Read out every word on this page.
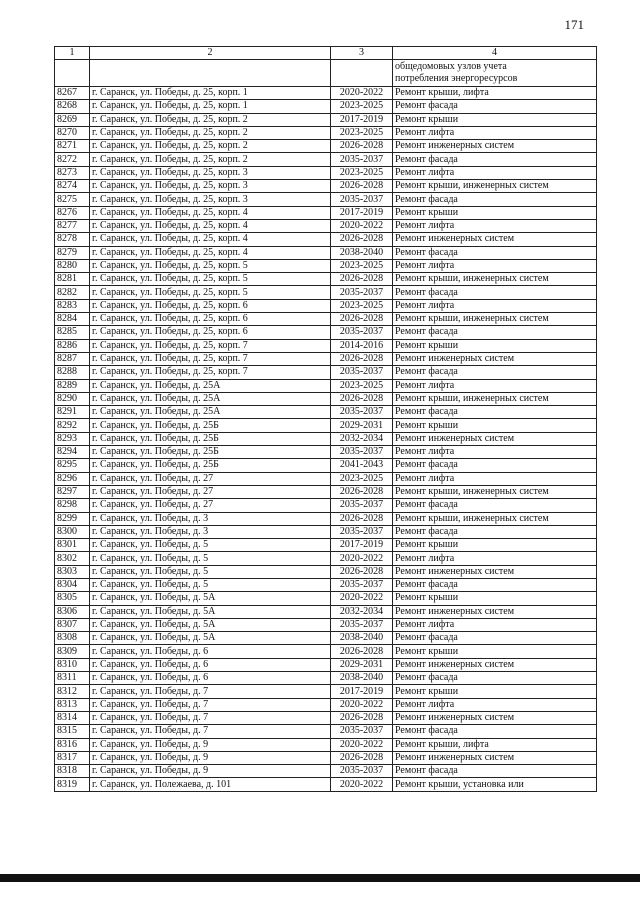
171
1	2	3	4

			общедомовых узлов учета
потребления энергоресурсов

8267	г. Саранск, ул. Победы, д. 25, корп. 1	2020-2022	Ремонт крыши, лифта
8268	г. Саранск, ул. Победы, д. 25, корп. 1	2023-2025	Ремонт фасада
8269	г. Саранск, ул. Победы, д. 25, корп. 2	2017-2019	Ремонт крыши
8270	г. Саранск, ул. Победы, д. 25, корп. 2	2023-2025	Ремонт лифта
8271	г. Саранск, ул. Победы, д. 25, корп. 2	2026-2028	Ремонт инженерных систем
8272	г. Саранск, ул. Победы, д. 25, корп. 2	2035-2037	Ремонт фасада
8273	г. Саранск, ул. Победы, д. 25, корп. 3	2023-2025	Ремонт лифта
8274	г. Саранск, ул. Победы, д. 25, корп. 3	2026-2028	Ремонт крыши, инженерных систем
8275	г. Саранск, ул. Победы, д. 25, корп. 3	2035-2037	Ремонт фасада
8276	г. Саранск, ул. Победы, д. 25, корп. 4	2017-2019	Ремонт крыши
8277	г. Саранск, ул. Победы, д. 25, корп. 4	2020-2022	Ремонт лифта
8278	г. Саранск, ул. Победы, д. 25, корп. 4	2026-2028	Ремонт инженерных систем
8279	г. Саранск, ул. Победы, д. 25, корп. 4	2038-2040	Ремонт фасада
8280	г. Саранск, ул. Победы, д. 25, корп. 5	2023-2025	Ремонт лифта
8281	г. Саранск, ул. Победы, д. 25, корп. 5	2026-2028	Ремонт крыши, инженерных систем
8282	г. Саранск, ул. Победы, д. 25, корп. 5	2035-2037	Ремонт фасада
8283	г. Саранск, ул. Победы, д. 25, корп. 6	2023-2025	Ремонт лифта
8284	г. Саранск, ул. Победы, д. 25, корп. 6	2026-2028	Ремонт крыши, инженерных систем
8285	г. Саранск, ул. Победы, д. 25, корп. 6	2035-2037	Ремонт фасада
8286	г. Саранск, ул. Победы, д. 25, корп. 7	2014-2016	Ремонт крыши
8287	г. Саранск, ул. Победы, д. 25, корп. 7	2026-2028	Ремонт инженерных систем
8288	г. Саранск, ул. Победы, д. 25, корп. 7	2035-2037	Ремонт фасада
8289	г. Саранск, ул. Победы, д. 25А	2023-2025	Ремонт лифта
8290	г. Саранск, ул. Победы, д. 25А	2026-2028	Ремонт крыши, инженерных систем
8291	г. Саранск, ул. Победы, д. 25А	2035-2037	Ремонт фасада
8292	г. Саранск, ул. Победы, д. 25Б	2029-2031	Ремонт крыши
8293	г. Саранск, ул. Победы, д. 25Б	2032-2034	Ремонт инженерных систем
8294	г. Саранск, ул. Победы, д. 25Б	2035-2037	Ремонт лифта
8295	г. Саранск, ул. Победы, д. 25Б	2041-2043	Ремонт фасада
8296	г. Саранск, ул. Победы, д. 27	2023-2025	Ремонт лифта
8297	г. Саранск, ул. Победы, д. 27	2026-2028	Ремонт крыши, инженерных систем
8298	г. Саранск, ул. Победы, д. 27	2035-2037	Ремонт фасада
8299	г. Саранск, ул. Победы, д. 3	2026-2028	Ремонт крыши, инженерных систем
8300	г. Саранск, ул. Победы, д. 3	2035-2037	Ремонт фасада
8301	г. Саранск, ул. Победы, д. 5	2017-2019	Ремонт крыши
8302	г. Саранск, ул. Победы, д. 5	2020-2022	Ремонт лифта
8303	г. Саранск, ул. Победы, д. 5	2026-2028	Ремонт инженерных систем
8304	г. Саранск, ул. Победы, д. 5	2035-2037	Ремонт фасада
8305	г. Саранск, ул. Победы, д. 5А	2020-2022	Ремонт крыши
8306	г. Саранск, ул. Победы, д. 5А	2032-2034	Ремонт инженерных систем
8307	г. Саранск, ул. Победы, д. 5А	2035-2037	Ремонт лифта
8308	г. Саранск, ул. Победы, д. 5А	2038-2040	Ремонт фасада
8309	г. Саранск, ул. Победы, д. 6	2026-2028	Ремонт крыши
8310	г. Саранск, ул. Победы, д. 6	2029-2031	Ремонт инженерных систем
8311	г. Саранск, ул. Победы, д. 6	2038-2040	Ремонт фасада
8312	г. Саранск, ул. Победы, д. 7	2017-2019	Ремонт крыши
8313	г. Саранск, ул. Победы, д. 7	2020-2022	Ремонт лифта
8314	г. Саранск, ул. Победы, д. 7	2026-2028	Ремонт инженерных систем
8315	г. Саранск, ул. Победы, д. 7	2035-2037	Ремонт фасада
8316	г. Саранск, ул. Победы, д. 9	2020-2022	Ремонт крыши, лифта
8317	г. Саранск, ул. Победы, д. 9	2026-2028	Ремонт инженерных систем
8318	г. Саранск, ул. Победы, д. 9	2035-2037	Ремонт фасада
8319	г. Саранск, ул. Полежаева, д. 101	2020-2022	Ремонт крыши, установка или
